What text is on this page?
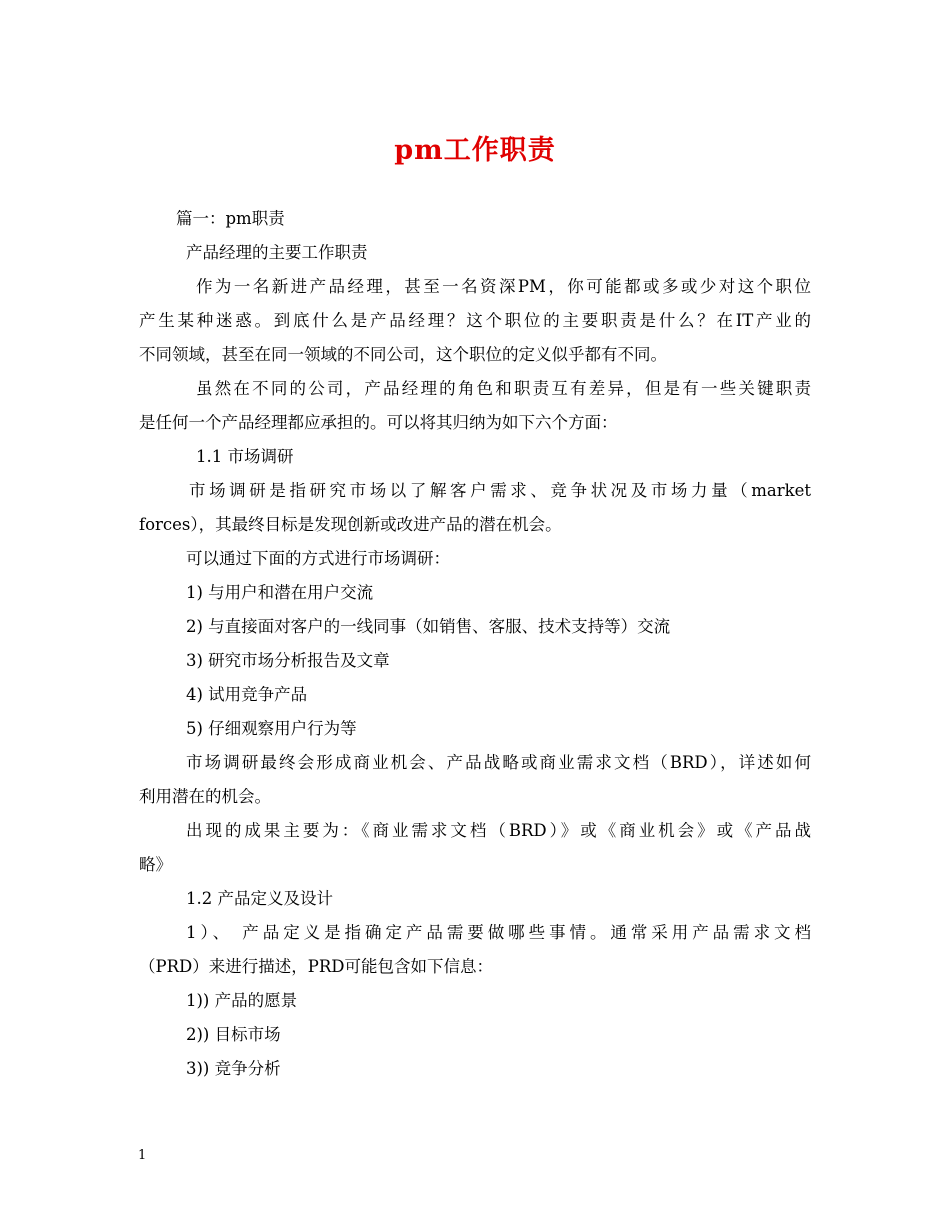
pm工作职责
篇一：pm职责
产品经理的主要工作职责
作为一名新进产品经理，甚至一名资深PM，你可能都或多或少对这个职位
产生某种迷惑。到底什么是产品经理？这个职位的主要职责是什么？在IT产业的
不同领域，甚至在同一领域的不同公司，这个职位的定义似乎都有不同。
虽然在不同的公司，产品经理的角色和职责互有差异，但是有一些关键职责
是任何一个产品经理都应承担的。可以将其归纳为如下六个方面：
1.1 市场调研
市场调研是指研究市场以了解客户需求、竞争状况及市场力量（market
forces），其最终目标是发现创新或改进产品的潜在机会。
可以通过下面的方式进行市场调研：
1) 与用户和潜在用户交流
2) 与直接面对客户的一线同事（如销售、客服、技术支持等）交流
3) 研究市场分析报告及文章
4) 试用竞争产品
5) 仔细观察用户行为等
市场调研最终会形成商业机会、产品战略或商业需求文档（BRD），详述如何
利用潜在的机会。
出现的成果主要为：《商业需求文档（BRD）》或《商业机会》或《产品战
略》
1.2 产品定义及设计
1）、 产品定义是指确定产品需要做哪些事情。通常采用产品需求文档
（PRD）来进行描述，PRD可能包含如下信息：
1)) 产品的愿景
2)) 目标市场
3)) 竞争分析
1
